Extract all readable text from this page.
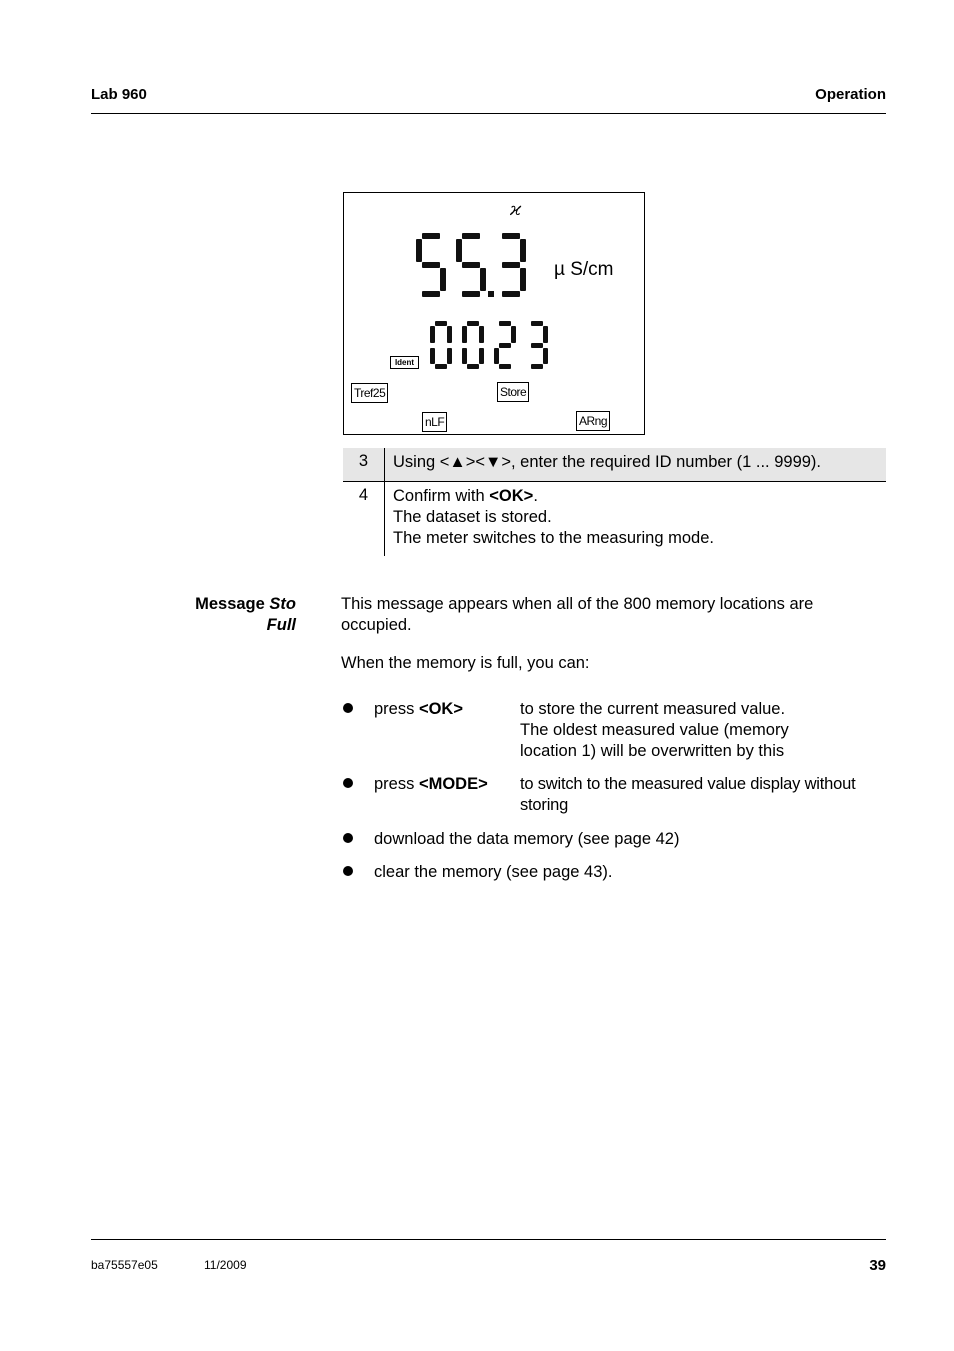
Lab 960	Operation
ϰ
µ S/cm
Ident
Tref25	Store
nLF	ARng
3	Using <▲><▼>, enter the required ID number (1 ... 9999).
4	Confirm with <OK>.
The dataset is stored.
The meter switches to the measuring mode.
Message Sto
Full
This message appears when all of the 800 memory locations are occupied.
When the memory is full, you can:
press <OK>	to store the current measured value.
The oldest measured value (memory
location 1) will be overwritten by this
press <MODE> to switch to the measured value display without
storing
download the data memory (see page 42)
clear the memory (see page 43).
ba75557e05	11/2009	39
